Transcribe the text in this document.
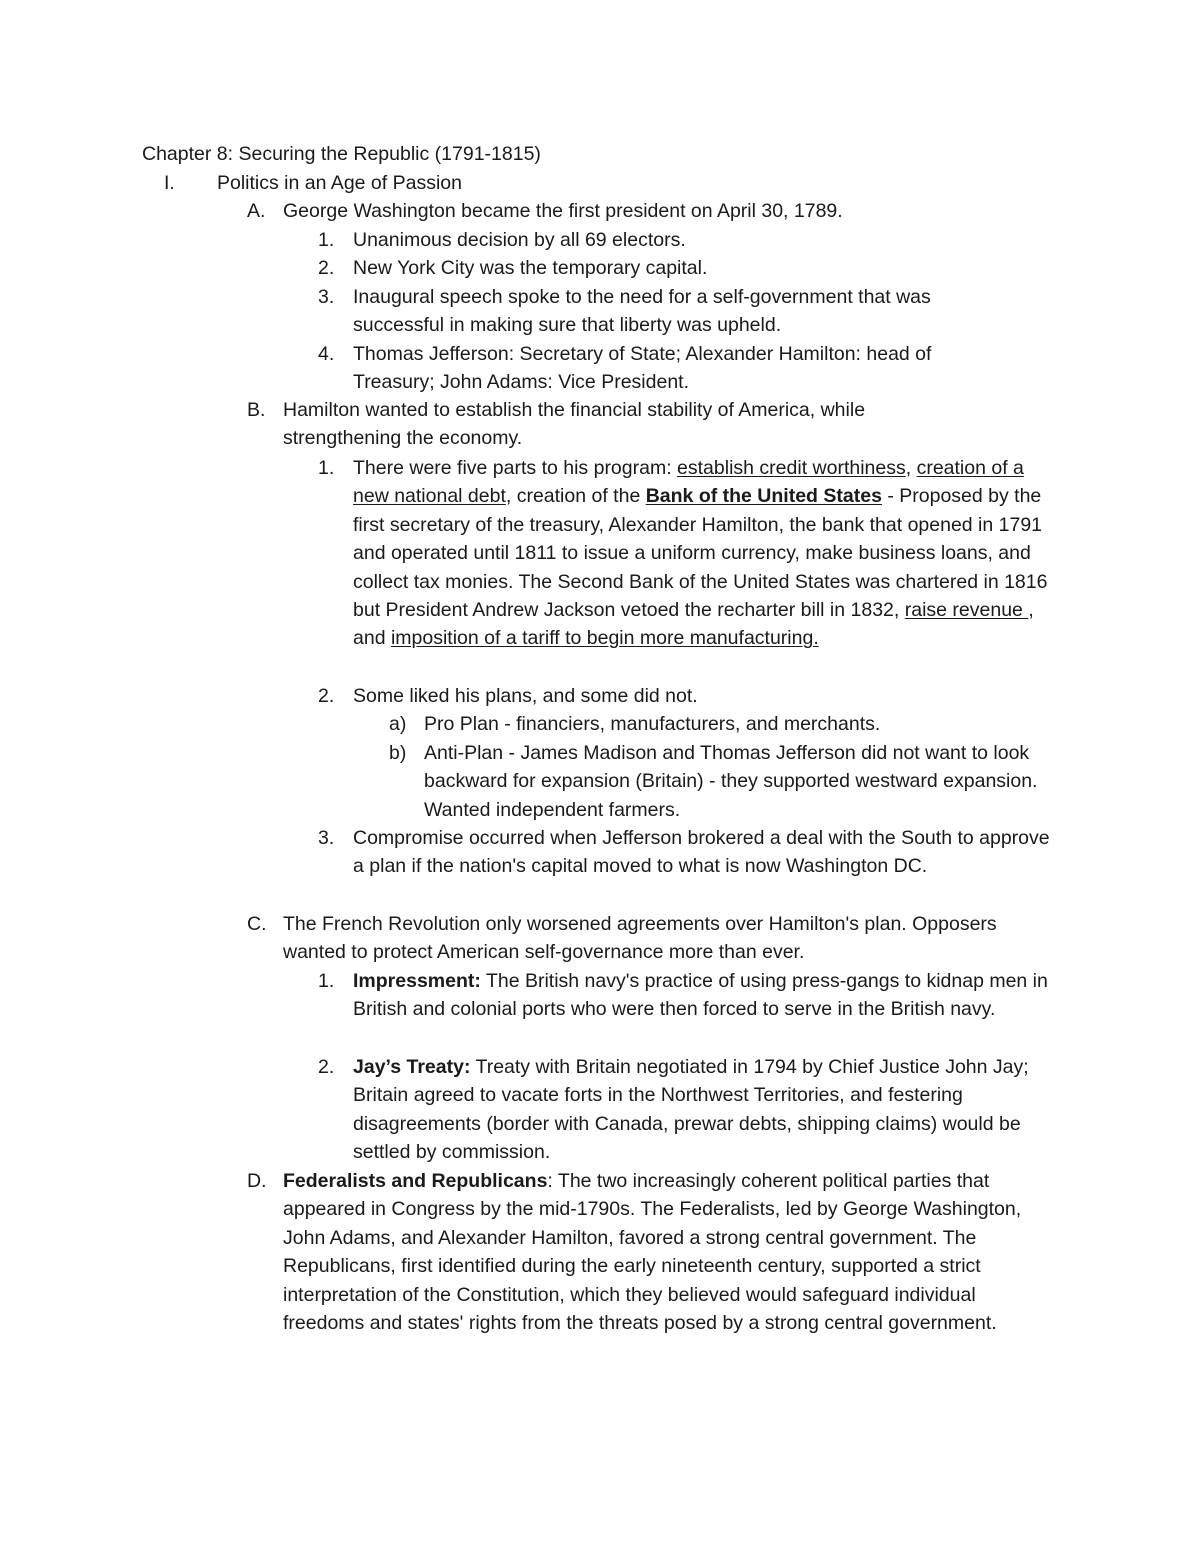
Chapter 8: Securing the Republic (1791-1815)
I. Politics in an Age of Passion
A. George Washington became the first president on April 30, 1789.
1. Unanimous decision by all 69 electors.
2. New York City was the temporary capital.
3. Inaugural speech spoke to the need for a self-government that was successful in making sure that liberty was upheld.
4. Thomas Jefferson: Secretary of State; Alexander Hamilton: head of Treasury; John Adams: Vice President.
B. Hamilton wanted to establish the financial stability of America, while strengthening the economy.
1. There were five parts to his program: establish credit worthiness, creation of a new national debt, creation of the Bank of the United States - Proposed by the first secretary of the treasury, Alexander Hamilton, the bank that opened in 1791 and operated until 1811 to issue a uniform currency, make business loans, and collect tax monies. The Second Bank of the United States was chartered in 1816 but President Andrew Jackson vetoed the recharter bill in 1832, raise revenue , and imposition of a tariff to begin more manufacturing.
2. Some liked his plans, and some did not.
a) Pro Plan - financiers, manufacturers, and merchants.
b) Anti-Plan - James Madison and Thomas Jefferson did not want to look backward for expansion (Britain) - they supported westward expansion. Wanted independent farmers.
3. Compromise occurred when Jefferson brokered a deal with the South to approve a plan if the nation's capital moved to what is now Washington DC.
C. The French Revolution only worsened agreements over Hamilton's plan. Opposers wanted to protect American self-governance more than ever.
1. Impressment: The British navy's practice of using press-gangs to kidnap men in British and colonial ports who were then forced to serve in the British navy.
2. Jay’s Treaty: Treaty with Britain negotiated in 1794 by Chief Justice John Jay; Britain agreed to vacate forts in the Northwest Territories, and festering disagreements (border with Canada, prewar debts, shipping claims) would be settled by commission.
D. Federalists and Republicans: The two increasingly coherent political parties that appeared in Congress by the mid-1790s. The Federalists, led by George Washington, John Adams, and Alexander Hamilton, favored a strong central government. The Republicans, first identified during the early nineteenth century, supported a strict interpretation of the Constitution, which they believed would safeguard individual freedoms and states' rights from the threats posed by a strong central government.
